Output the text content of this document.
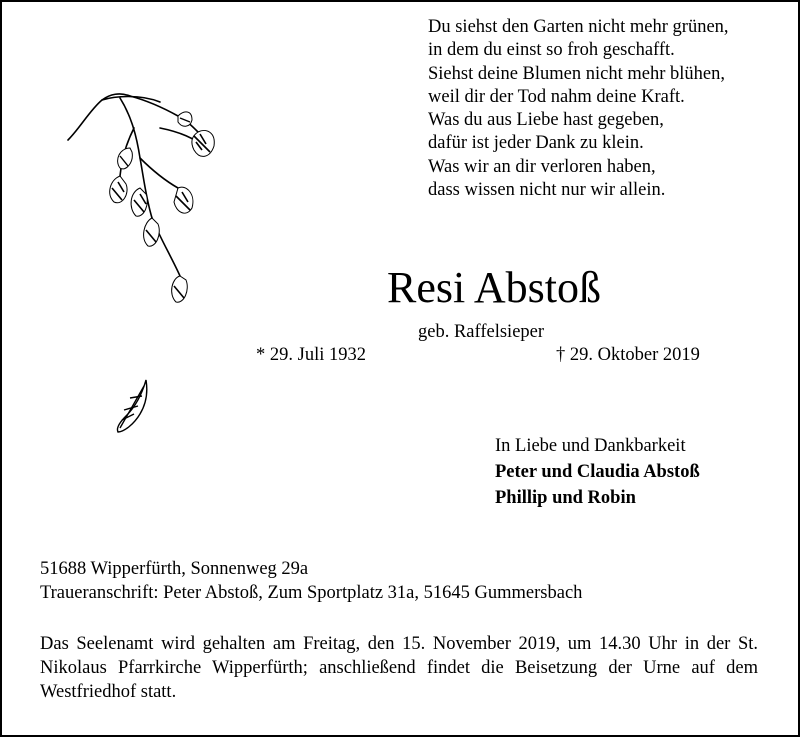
Du siehst den Garten nicht mehr grünen,
in dem du einst so froh geschafft.
Siehst deine Blumen nicht mehr blühen,
weil dir der Tod nahm deine Kraft.
Was du aus Liebe hast gegeben,
dafür ist jeder Dank zu klein.
Was wir an dir verloren haben,
dass wissen nicht nur wir allein.
Resi Abstoß
geb. Raffelsieper
* 29. Juli 1932	† 29. Oktober 2019
In Liebe und Dankbarkeit
Peter und Claudia Abstoß
Phillip und Robin
51688 Wipperfürth, Sonnenweg 29a
Traueranschrift: Peter Abstoß, Zum Sportplatz 31a, 51645 Gummersbach
Das Seelenamt wird gehalten am Freitag, den 15. November 2019, um 14.30 Uhr in der St. Nikolaus Pfarrkirche Wipperfürth; anschließend findet die Beisetzung der Urne auf dem Westfriedhof statt.
